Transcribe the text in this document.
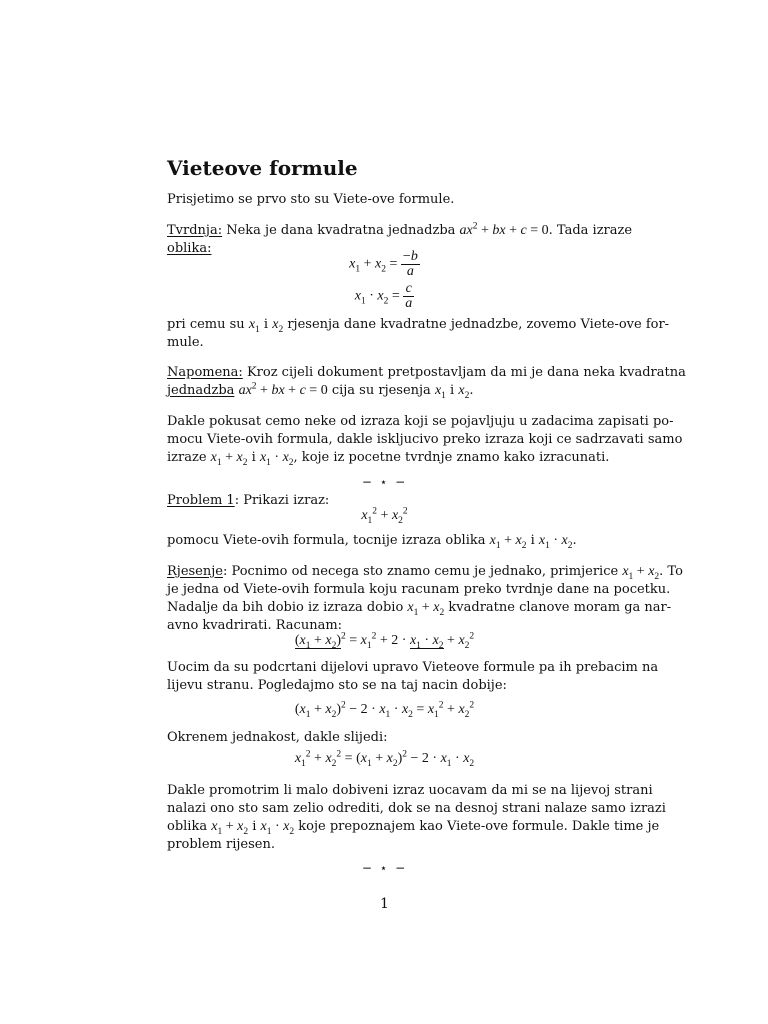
Vieteove formule
Prisjetimo se prvo sto su Viete-ove formule.
Tvrdnja: Neka je dana kvadratna jednadzba $ax^2$ + bx + c = 0. Tada izraze
oblika:
$x_1 + x_2 = \frac{-b}{a}$
$x_1 \cdot x_2 = \frac{c}{a}$
pri cemu su $x_1$ i $x_2$ rjesenja dane kvadratne jednadzbe, zovemo Viete-ove for-
mule.
Napomena: Kroz cijeli dokument pretpostavljam da mi je dana neka kvadratna
jednadzba $ax^2$ + bx + c = 0 cija su rjesenja $x_1$ i $x_2$.
Dakle pokusat cemo neke od izraza koji se pojavljuju u zadacima zapisati po-
mocu Viete-ovih formula, dakle iskljucivo preko izraza koji ce sadrzavati samo
izraze $x_1 + x_2$ i $x_1 \cdot x_2$, koje iz pocetne tvrdnje znamo kako izracunati.
− ⋆ −
Problem 1: Prikazi izraz:
$x_1^2 + x_2^2$
pomocu Viete-ovih formula, tocnije izraza oblika $x_1 + x_2$ i $x_1 \cdot x_2$.
Rjesenje: Pocnimo od necega sto znamo cemu je jednako, primjerice $x_1 + x_2$. To
je jedna od Viete-ovih formula koju racunam preko tvrdnje dane na pocetku.
Nadalje da bih dobio iz izraza dobio $x_1 + x_2$ kvadratne clanove moram ga nar-
avno kvadrirati. Racunam:
$(x_1 + x_2)^2 = x_1^2 + 2 \cdot x_1 \cdot x_2 + x_2^2$
Uocim da su podcrtani dijelovi upravo Vieteove formule pa ih prebacim na
lijevu stranu. Pogledajmo sto se na taj nacin dobije:
$(x_1 + x_2)^2 - 2 \cdot x_1 \cdot x_2 = x_1^2 + x_2^2$
Okrenem jednakost, dakle slijedi:
$x_1^2 + x_2^2 = (x_1 + x_2)^2 - 2 \cdot x_1 \cdot x_2$
Dakle promotrim li malo dobiveni izraz uocavam da mi se na lijevoj strani
nalazi ono sto sam zelio odrediti, dok se na desnoj strani nalaze samo izrazi
oblika $x_1 + x_2$ i $x_1 \cdot x_2$ koje prepoznajem kao Viete-ove formule. Dakle time je
problem rijesen.
− ⋆ −
1
